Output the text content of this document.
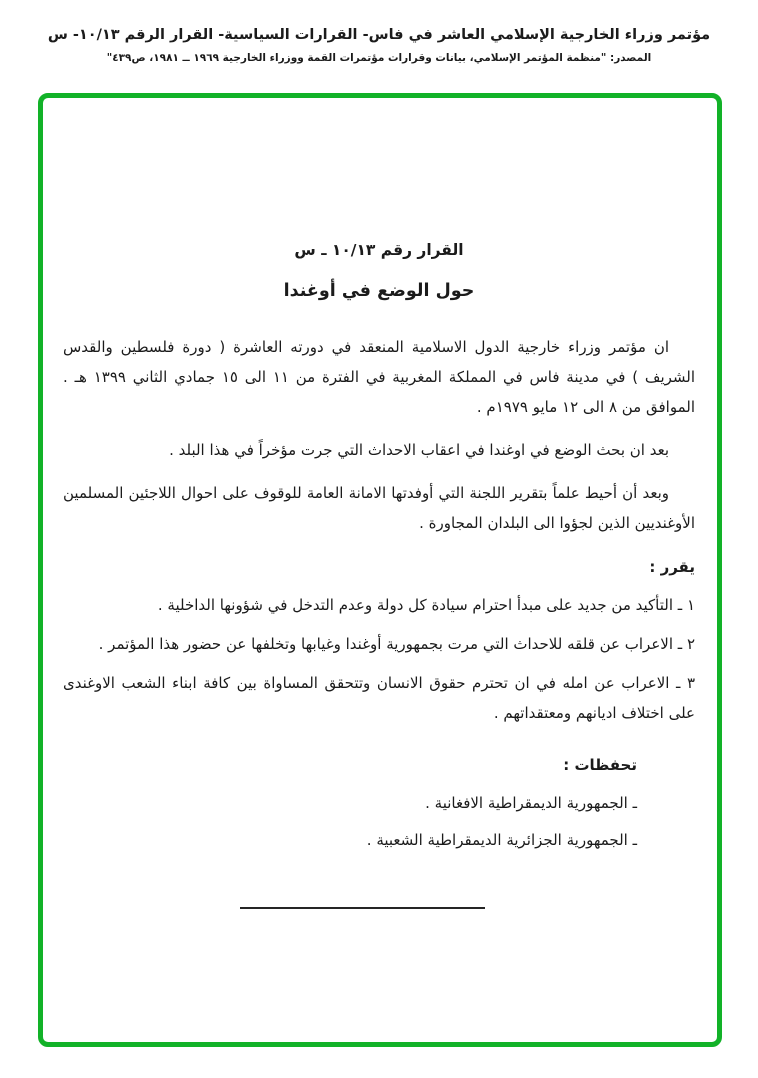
مؤتمر وزراء الخارجية الإسلامي العاشر في فاس- القرارات السياسية- القرار الرقم ١٠/١٣- س
المصدر: "منظمة المؤتمر الإسلامي، بيانات وقرارات مؤتمرات القمة ووزراء الخارجية ١٩٦٩ ــ ١٩٨١، ص٤٣٩"
القرار رقم ١٠/١٣ ـ س
حول الوضع في أوغندا

ان مؤتمر وزراء خارجية الدول الاسلامية المنعقد في دورته العاشرة ( دورة فلسطين والقدس الشريف ) في مدينة فاس في المملكة المغربية في الفترة من ١١ الى ١٥ جمادي الثاني ١٣٩٩ هـ . الموافق من ٨ الى ١٢ مايو ١٩٧٩م .

بعد ان بحث الوضع في اوغندا في اعقاب الاحداث التي جرت مؤخراً في هذا البلد .

وبعد أن أحيط علماً بتقرير اللجنة التي أوفدتها الامانة العامة للوقوف على احوال اللاجئين المسلمين الأوغنديين الذين لجؤوا الى البلدان المجاورة .

يقرر :

١ ـ التأكيد من جديد على مبدأ احترام سيادة كل دولة وعدم التدخل في شؤونها الداخلية .

٢ ـ الاعراب عن قلقه للاحداث التي مرت بجمهورية أوغندا وغيابها وتخلفها عن حضور هذا المؤتمر .

٣ ـ الاعراب عن امله في ان تحترم حقوق الانسان وتتحقق المساواة بين كافة ابناء الشعب الاوغندى على اختلاف اديانهم ومعتقداتهم .

تحفظات :

ـ الجمهورية الديمقراطية الافغانية .

ـ الجمهورية الجزائرية الديمقراطية الشعبية .
